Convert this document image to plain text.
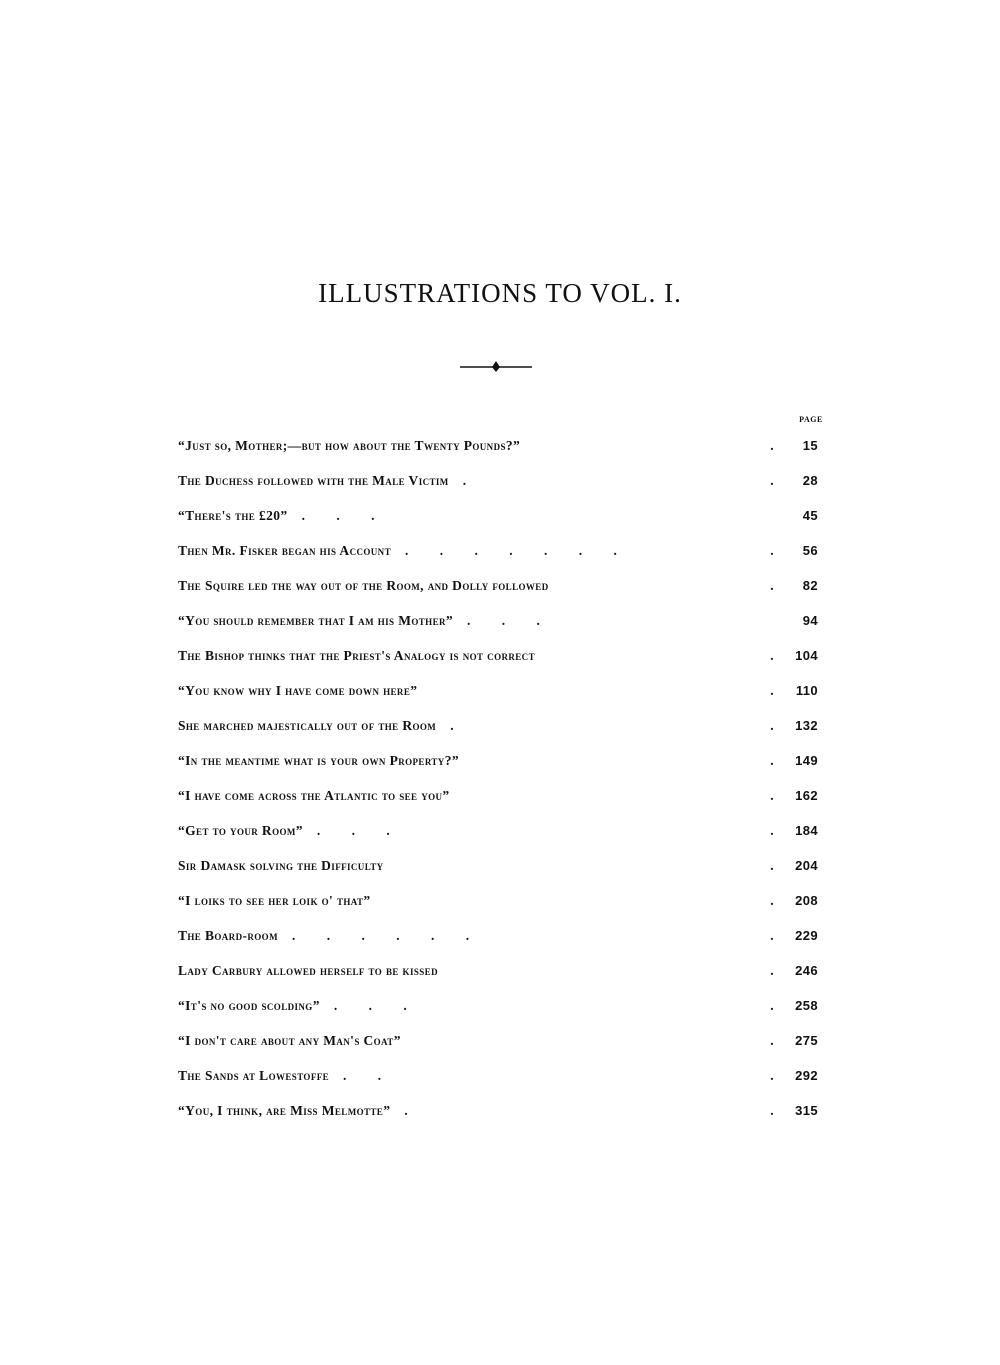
ILLUSTRATIONS TO VOL. I.
PAGE
“Just so, Mother;—but how about the Twenty Pounds?”	.	15
The Duchess followed with the Male Victim .	.	28
“There's the £20” . . .	45
Then Mr. Fisker began his Account . . . . . . .	.	56
The Squire led the way out of the Room, and Dolly followed	.	82
“You should remember that I am his Mother” . . .	94
The Bishop thinks that the Priest's Analogy is not correct	.	104
“You know why I have come down here”	.	110
She marched majestically out of the Room .	.	132
“In the meantime what is your own Property?”	.	149
“I have come across the Atlantic to see you”	.	162
“Get to your Room” . . .	.	184
Sir Damask solving the Difficulty	.	204
“I loiks to see her loik o' that”	.	208
The Board-room . . . . . .	.	229
Lady Carbury allowed herself to be kissed	.	246
“It's no good scolding” . . .	.	258
“I don't care about any Man's Coat”	.	275
The Sands at Lowestoffe . .	.	292
“You, I think, are Miss Melmotte” .	.	315
